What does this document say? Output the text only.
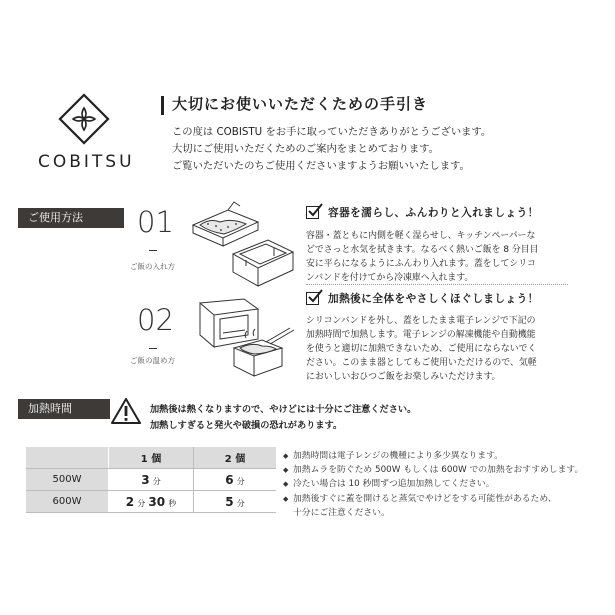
COBITSU
大切にお使いいただくための手引き
この度は COBISTU をお手に取っていただきありがとうございます。
大切にご使用いただくためのご案内をまとめております。
ご覧いただいたのちご使用くださいますようお願いいたします。
ご使用方法	01
ご飯の入れ方
02
ご飯の温め方
容器を濡らし、ふんわりと入れましょう！
容器・蓋ともに内側を軽く湿らせし、キッチンペーパーな
どでさっと水気を拭きます。なるべく熱いご飯を 8 分目目
安に平らになるようにふんわり入れます。蓋をしてシリコ
ンバンドを付けてから冷凍庫へ入れます。
加熱後に全体をやさしくほぐしましょう！
シリコンバンドを外し、蓋をしたまま電子レンジで下記の
加熱時間で加熱します。電子レンジの解凍機能や自動機能
を使うと適切に加熱できないため、ご使用にならないでく
ださい。このまま器としてもご使用いただけるので、気軽
においしいおひつご飯をお楽しみいただけます。
加熱時間	加熱後は熱くなりますので、やけどには十分にご注意ください。
加熱しすぎると発火や破損の恐れがあります。
	1 個	2 個
500W	3 分	6 分
600W	2 分 30 秒	5 分
◆ 加熱時間は電子レンジの機種により多少異なります。
◆ 加熱ムラを防ぐため 500W もしくは 600W での加熱をおすすめします。
◆ 冷たい場合は 10 秒間ずつ追加加熱してください。
◆ 加熱後すぐに蓋を開けると蒸気でやけどをする可能性があるため、
十分にご注意ください。
